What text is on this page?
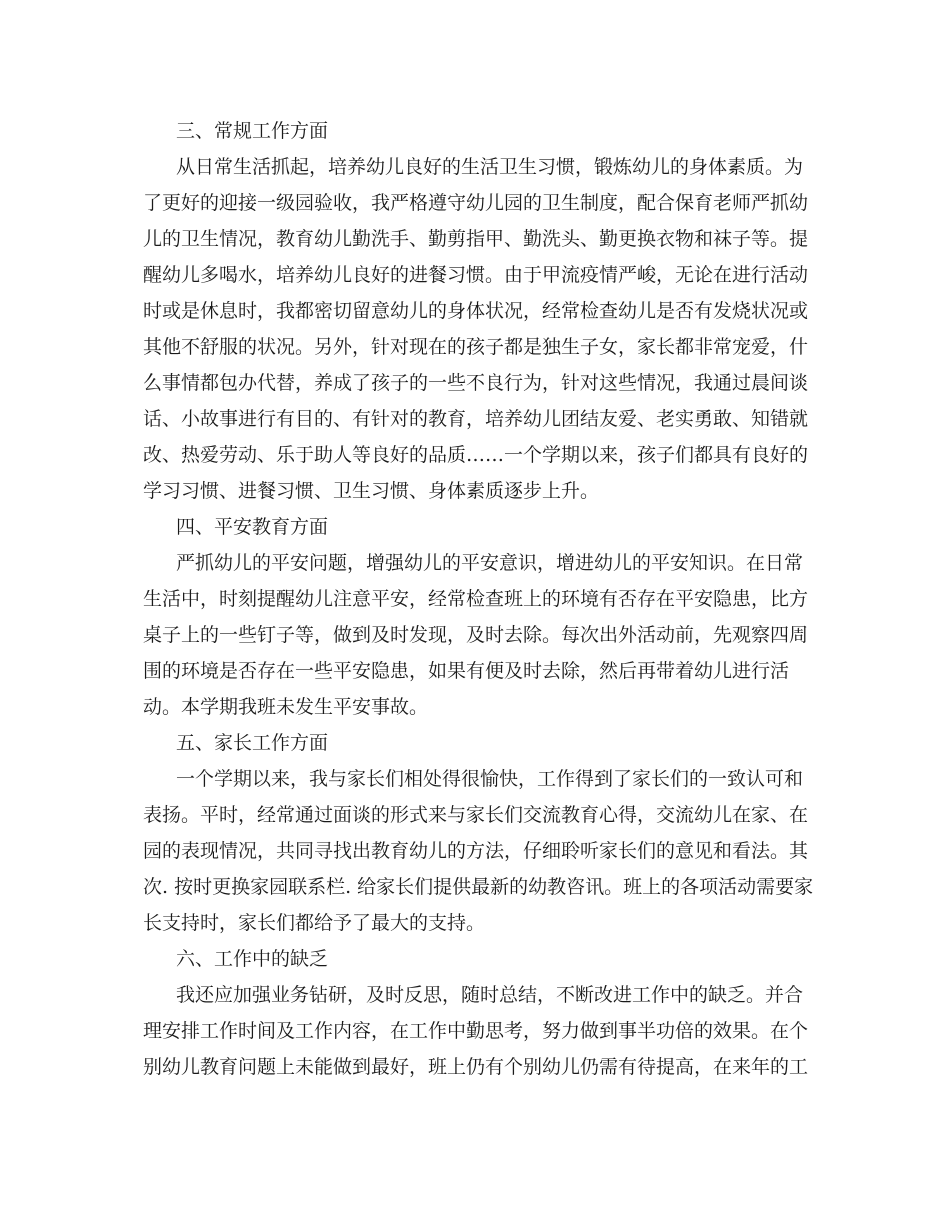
三、常规工作方面
从日常生活抓起，培养幼儿良好的生活卫生习惯，锻炼幼儿的身体素质。为
了更好的迎接一级园验收，我严格遵守幼儿园的卫生制度，配合保育老师严抓幼
儿的卫生情况，教育幼儿勤洗手、勤剪指甲、勤洗头、勤更换衣物和袜子等。提
醒幼儿多喝水，培养幼儿良好的进餐习惯。由于甲流疫情严峻，无论在进行活动
时或是休息时，我都密切留意幼儿的身体状况，经常检查幼儿是否有发烧状况或
其他不舒服的状况。另外，针对现在的孩子都是独生子女，家长都非常宠爱，什
么事情都包办代替，养成了孩子的一些不良行为，针对这些情况，我通过晨间谈
话、小故事进行有目的、有针对的教育，培养幼儿团结友爱、老实勇敢、知错就
改、热爱劳动、乐于助人等良好的品质……一个学期以来，孩子们都具有良好的
学习习惯、进餐习惯、卫生习惯、身体素质逐步上升。
四、平安教育方面
严抓幼儿的平安问题，增强幼儿的平安意识，增进幼儿的平安知识。在日常
生活中，时刻提醒幼儿注意平安，经常检查班上的环境有否存在平安隐患，比方
桌子上的一些钉子等，做到及时发现，及时去除。每次出外活动前，先观察四周
围的环境是否存在一些平安隐患，如果有便及时去除，然后再带着幼儿进行活
动。本学期我班未发生平安事故。
五、家长工作方面
一个学期以来，我与家长们相处得很愉快，工作得到了家长们的一致认可和
表扬。平时，经常通过面谈的形式来与家长们交流教育心得，交流幼儿在家、在
园的表现情况，共同寻找出教育幼儿的方法，仔细聆听家长们的意见和看法。其
次. 按时更换家园联系栏. 给家长们提供最新的幼教咨讯。班上的各项活动需要家
长支持时，家长们都给予了最大的支持。
六、工作中的缺乏
我还应加强业务钻研，及时反思，随时总结，不断改进工作中的缺乏。并合
理安排工作时间及工作内容，在工作中勤思考，努力做到事半功倍的效果。在个
别幼儿教育问题上未能做到最好，班上仍有个别幼儿仍需有待提高，在来年的工
